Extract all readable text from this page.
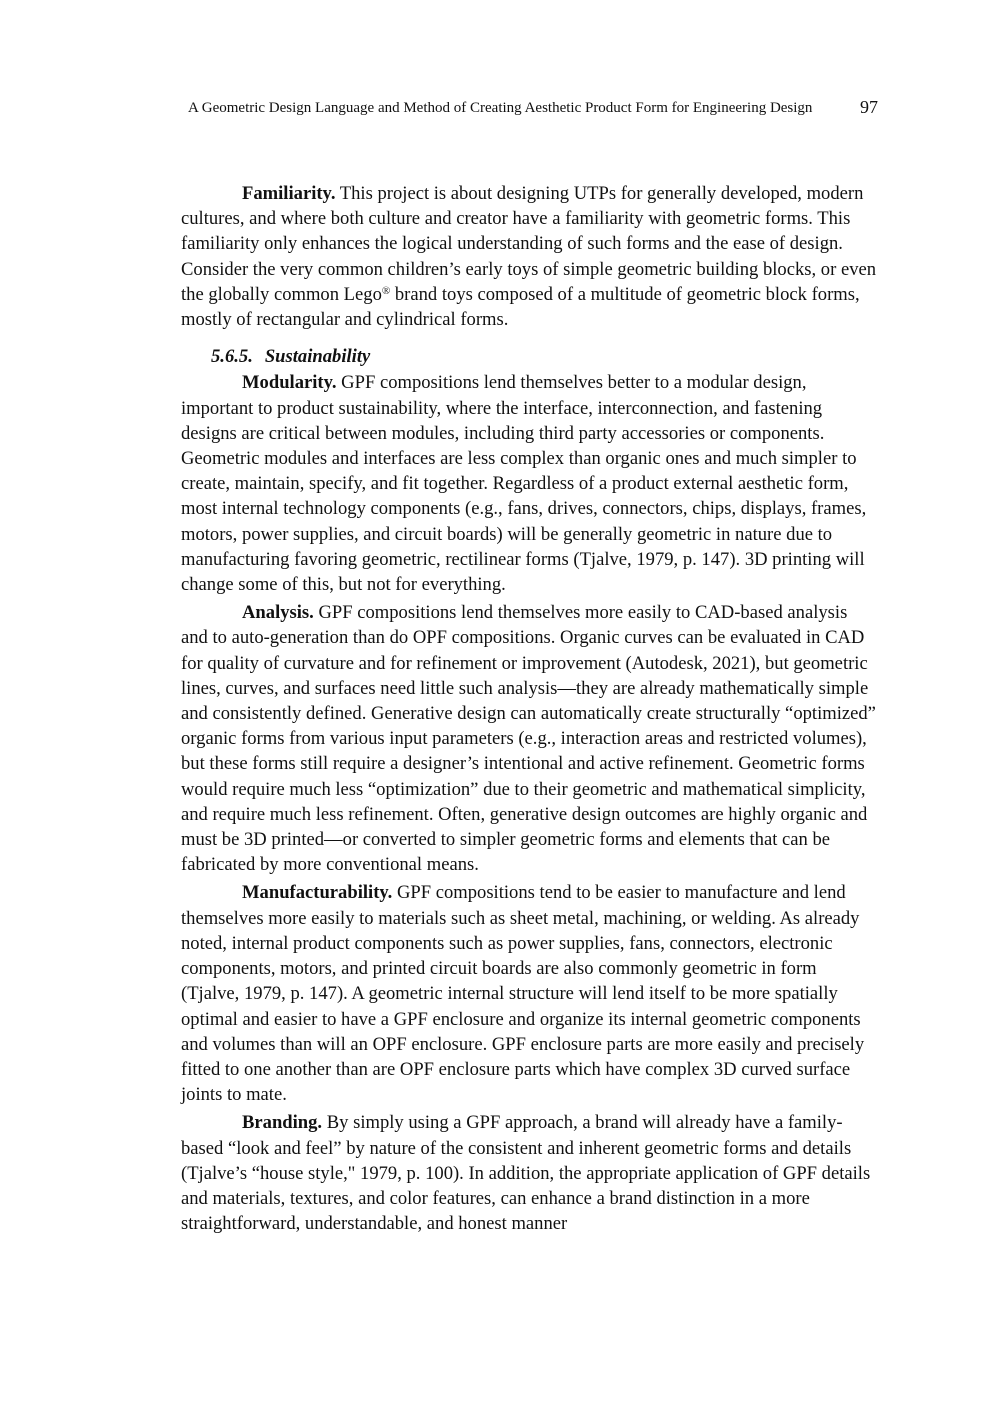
A Geometric Design Language and Method of Creating Aesthetic Product Form for Engineering Design	97

Familiarity. This project is about designing UTPs for generally developed, modern cultures, and where both culture and creator have a familiarity with geometric forms. This familiarity only enhances the logical understanding of such forms and the ease of design. Consider the very common children’s early toys of simple geometric building blocks, or even the globally common Lego® brand toys composed of a multitude of geometric block forms, mostly of rectangular and cylindrical forms.

5.6.5. Sustainability

Modularity. GPF compositions lend themselves better to a modular design, important to product sustainability, where the interface, interconnection, and fastening designs are critical between modules, including third party accessories or components. Geometric modules and interfaces are less complex than organic ones and much simpler to create, maintain, specify, and fit together. Regardless of a product external aesthetic form, most internal technology components (e.g., fans, drives, connectors, chips, displays, frames, motors, power supplies, and circuit boards) will be generally geometric in nature due to manufacturing favoring geometric, rectilinear forms (Tjalve, 1979, p. 147). 3D printing will change some of this, but not for everything.

Analysis. GPF compositions lend themselves more easily to CAD-based analysis and to auto-generation than do OPF compositions. Organic curves can be evaluated in CAD for quality of curvature and for refinement or improvement (Autodesk, 2021), but geometric lines, curves, and surfaces need little such analysis—they are already mathematically simple and consistently defined. Generative design can automatically create structurally “optimized” organic forms from various input parameters (e.g., interaction areas and restricted volumes), but these forms still require a designer’s intentional and active refinement. Geometric forms would require much less “optimization” due to their geometric and mathematical simplicity, and require much less refinement. Often, generative design outcomes are highly organic and must be 3D printed—or converted to simpler geometric forms and elements that can be fabricated by more conventional means.

Manufacturability. GPF compositions tend to be easier to manufacture and lend themselves more easily to materials such as sheet metal, machining, or welding. As already noted, internal product components such as power supplies, fans, connectors, electronic components, motors, and printed circuit boards are also commonly geometric in form (Tjalve, 1979, p. 147). A geometric internal structure will lend itself to be more spatially optimal and easier to have a GPF enclosure and organize its internal geometric components and volumes than will an OPF enclosure. GPF enclosure parts are more easily and precisely fitted to one another than are OPF enclosure parts which have complex 3D curved surface joints to mate.

Branding. By simply using a GPF approach, a brand will already have a family-based “look and feel” by nature of the consistent and inherent geometric forms and details (Tjalve’s “house style," 1979, p. 100). In addition, the appropriate application of GPF details and materials, textures, and color features, can enhance a brand distinction in a more straightforward, understandable, and honest manner
